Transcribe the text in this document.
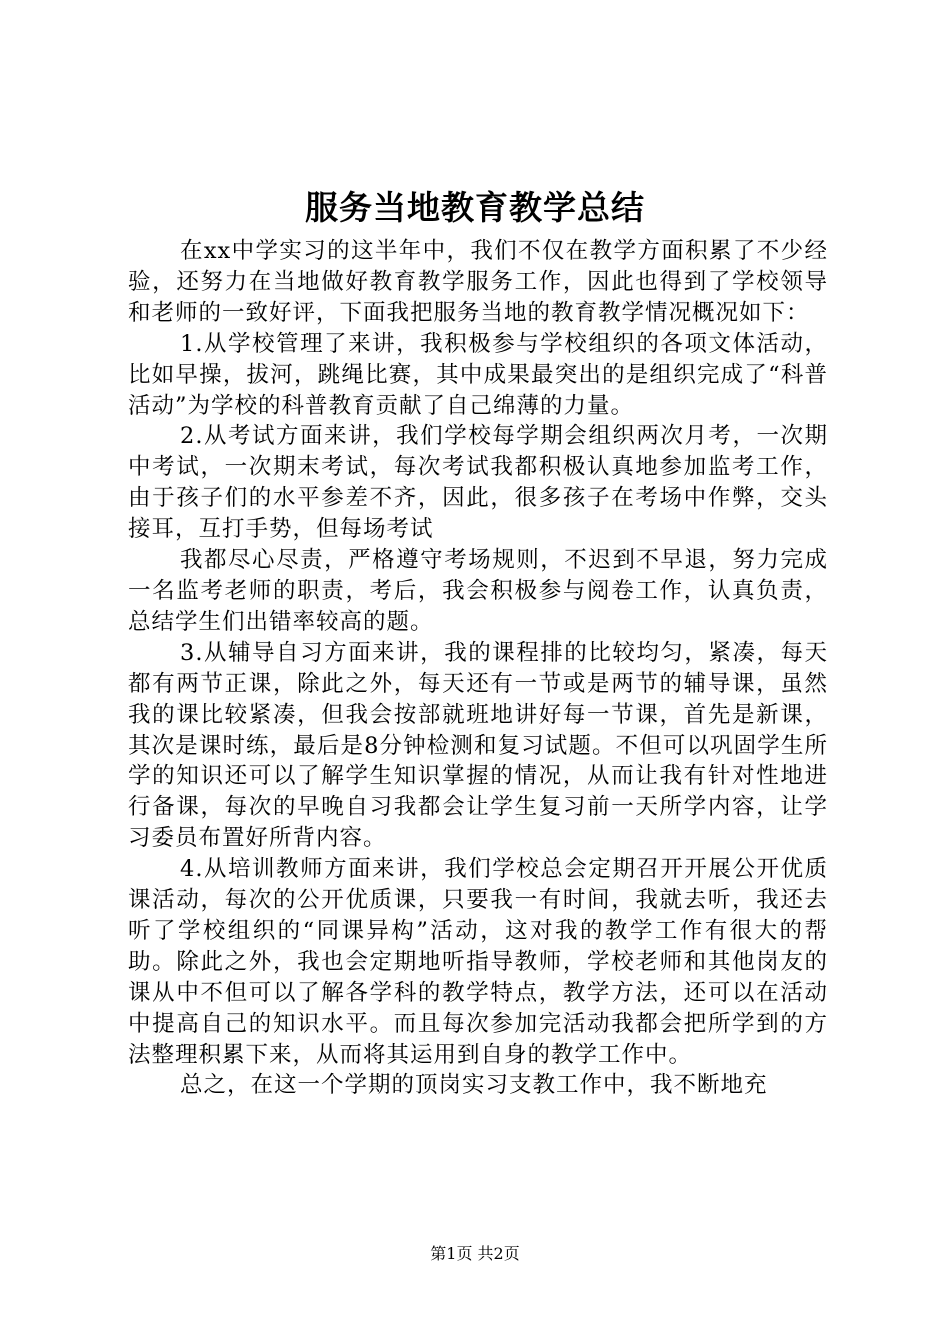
服务当地教育教学总结

在xx中学实习的这半年中，我们不仅在教学方面积累了不少经验，还努力在当地做好教育教学服务工作，因此也得到了学校领导和老师的一致好评，下面我把服务当地的教育教学情况概况如下：

1.从学校管理了来讲，我积极参与学校组织的各项文体活动，比如早操，拔河，跳绳比赛，其中成果最突出的是组织完成了“科普活动”为学校的科普教育贡献了自己绵薄的力量。

2.从考试方面来讲，我们学校每学期会组织两次月考，一次期中考试，一次期末考试，每次考试我都积极认真地参加监考工作，由于孩子们的水平参差不齐，因此，很多孩子在考场中作弊，交头接耳，互打手势，但每场考试

我都尽心尽责，严格遵守考场规则，不迟到不早退，努力完成一名监考老师的职责，考后，我会积极参与阅卷工作，认真负责，总结学生们出错率较高的题。

3.从辅导自习方面来讲，我的课程排的比较均匀，紧凑，每天都有两节正课，除此之外，每天还有一节或是两节的辅导课，虽然我的课比较紧凑，但我会按部就班地讲好每一节课，首先是新课，其次是课时练，最后是8分钟检测和复习试题。不但可以巩固学生所学的知识还可以了解学生知识掌握的情况，从而让我有针对性地进行备课，每次的早晚自习我都会让学生复习前一天所学内容，让学习委员布置好所背内容。

4.从培训教师方面来讲，我们学校总会定期召开开展公开优质课活动，每次的公开优质课，只要我一有时间，我就去听，我还去听了学校组织的“同课异构”活动，这对我的教学工作有很大的帮助。除此之外，我也会定期地听指导教师，学校老师和其他岗友的课从中不但可以了解各学科的教学特点，教学方法，还可以在活动中提高自己的知识水平。而且每次参加完活动我都会把所学到的方法整理积累下来，从而将其运用到自身的教学工作中。

总之，在这一个学期的顶岗实习支教工作中，我不断地充

第1页 共2页
